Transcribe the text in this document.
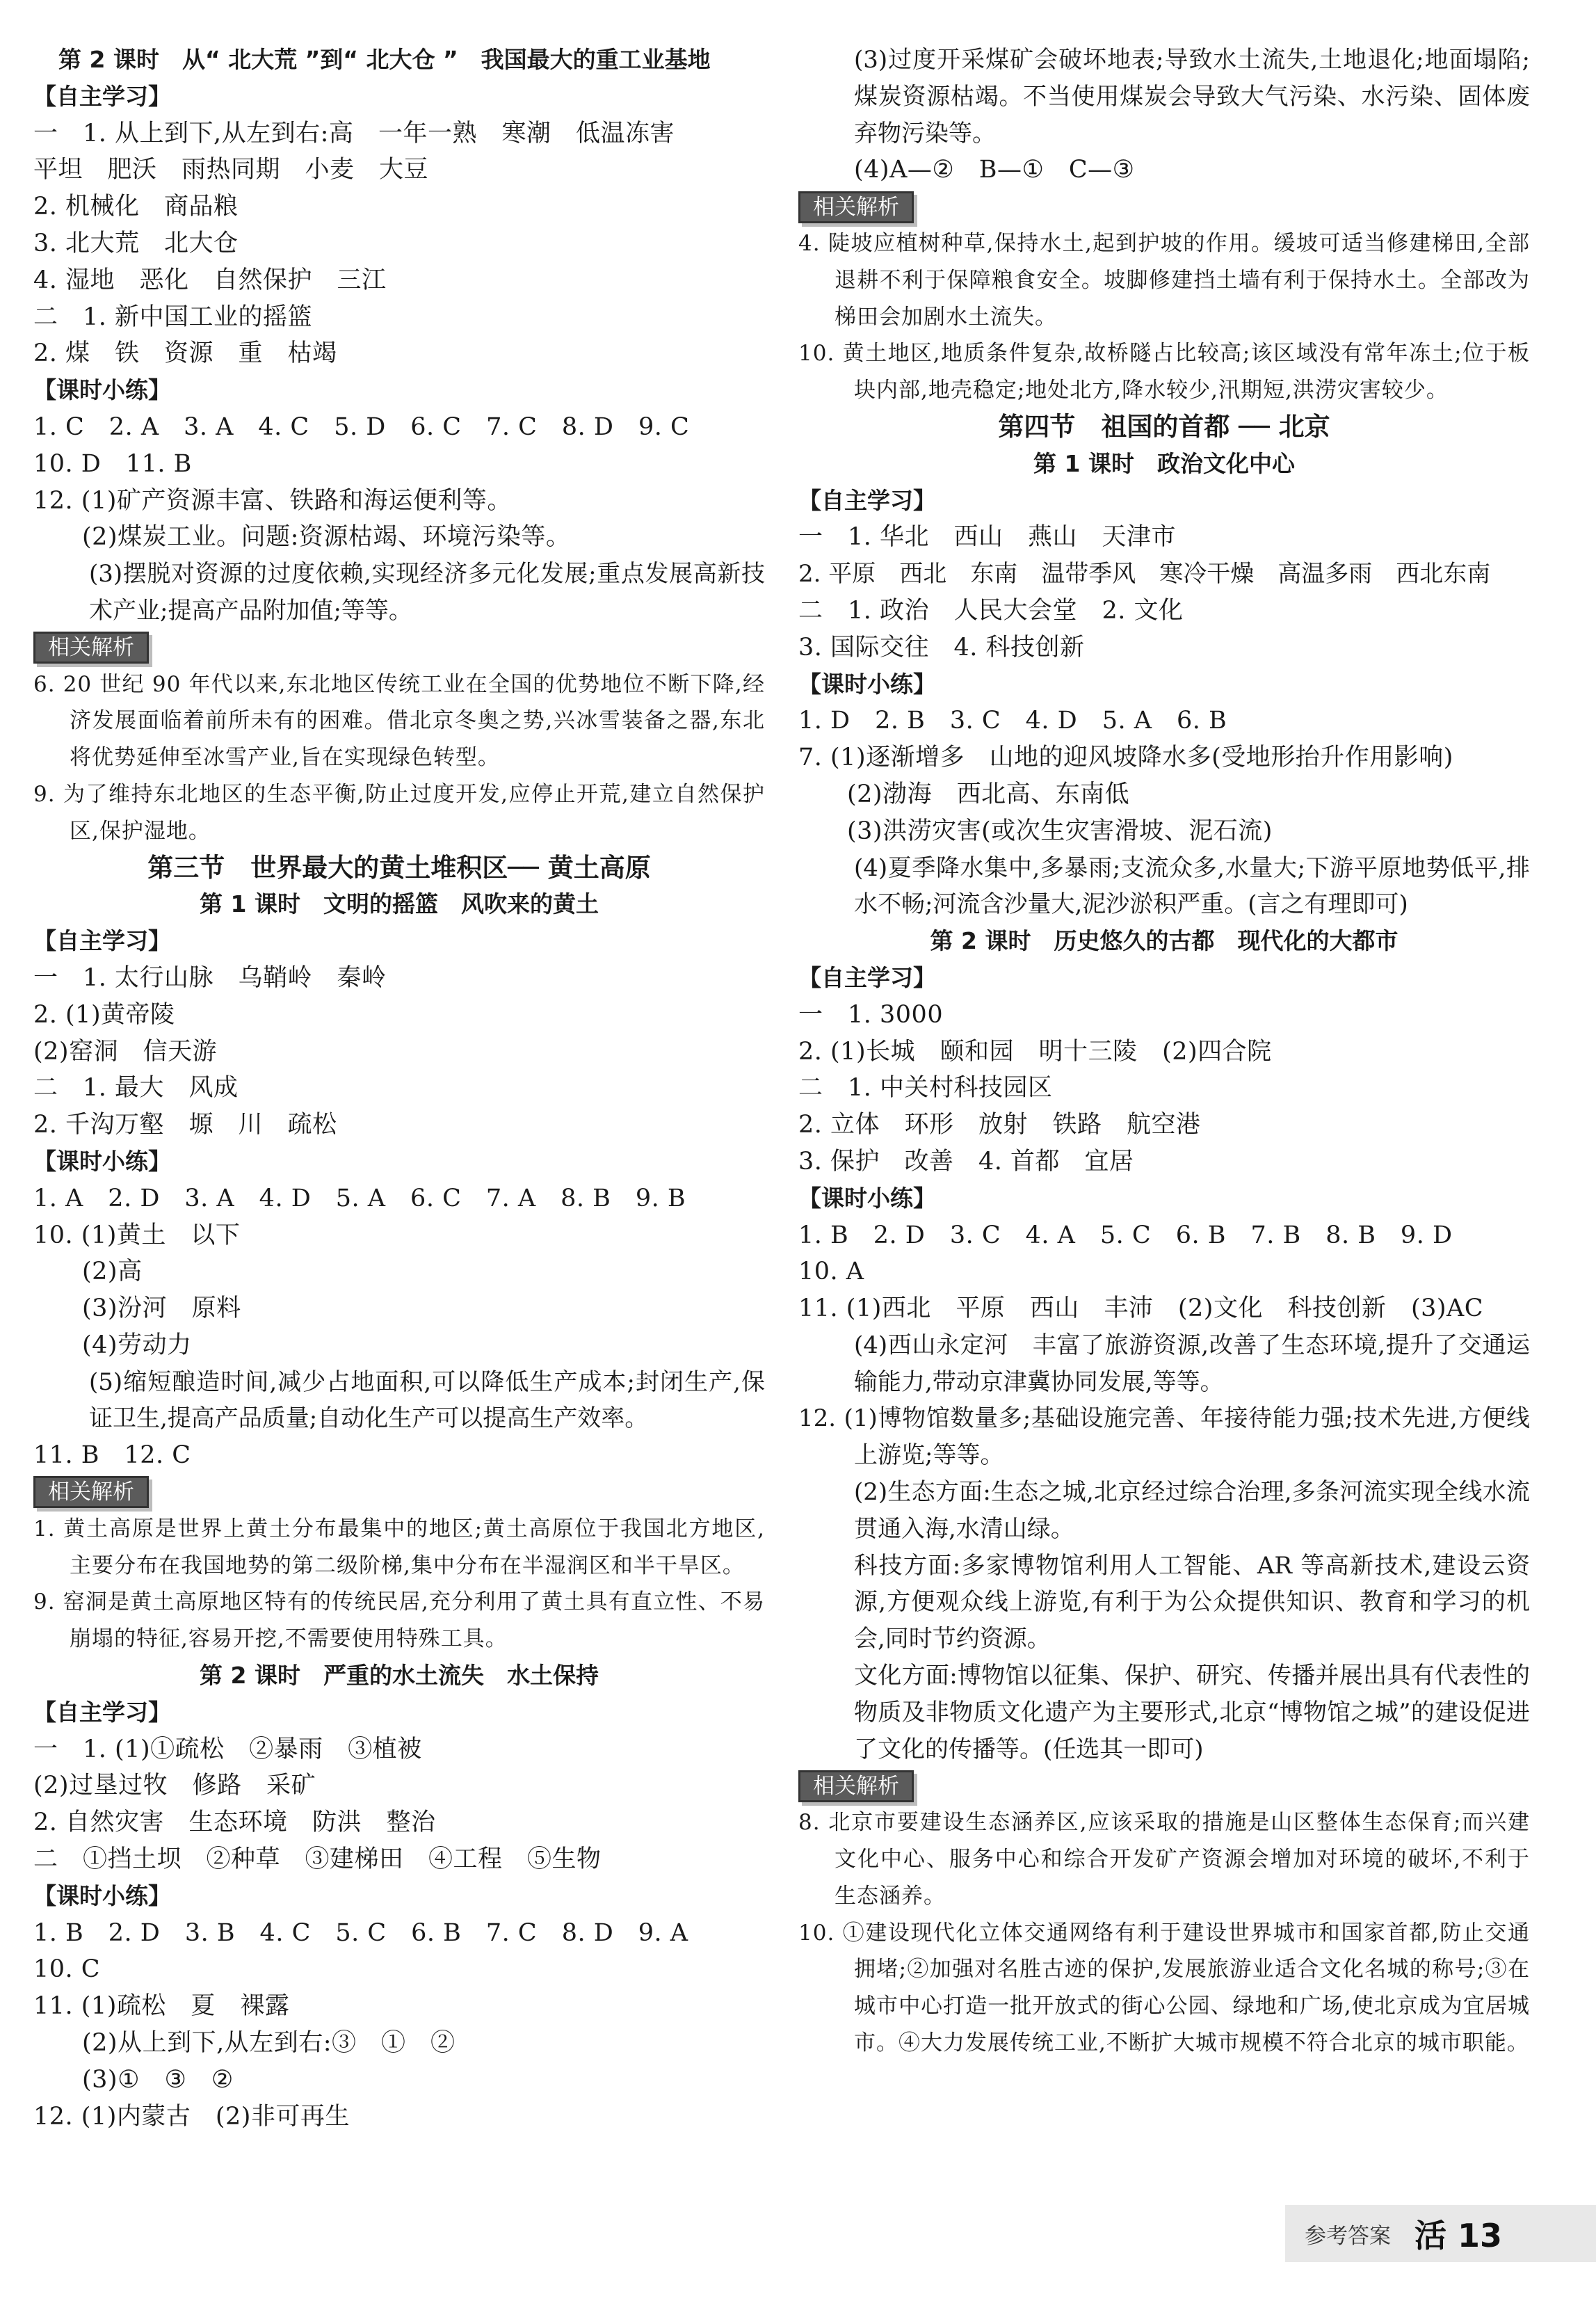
第 2 课时　从“ 北大荒 ”到“ 北大仓 ”　我国最大的重工业基地

【自主学习】

一　1. 从上到下,从左到右:高　一年一熟　寒潮　低温冻害

平坦　肥沃　雨热同期　小麦　大豆

2. 机械化　商品粮

3. 北大荒　北大仓

4. 湿地　恶化　自然保护　三江

二　1. 新中国工业的摇篮

2. 煤　铁　资源　重　枯竭

【课时小练】

1. C　2. A　3. A　4. C　5. D　6. C　7. C　8. D　9. C

10. D　11. B

12. (1)矿产资源丰富、铁路和海运便利等。

(2)煤炭工业。问题:资源枯竭、环境污染等。

(3)摆脱对资源的过度依赖,实现经济多元化发展;重点发展高新技术产业;提高产品附加值;等等。

相关解析

6. 20 世纪 90 年代以来,东北地区传统工业在全国的优势地位不断下降,经济发展面临着前所未有的困难。借北京冬奥之势,兴冰雪装备之器,东北将优势延伸至冰雪产业,旨在实现绿色转型。

9. 为了维持东北地区的生态平衡,防止过度开发,应停止开荒,建立自然保护区,保护湿地。

第三节　世界最大的黄土堆积区── 黄土高原

第 1 课时　文明的摇篮　风吹来的黄土

【自主学习】

一　1. 太行山脉　乌鞘岭　秦岭

2. (1)黄帝陵

(2)窑洞　信天游

二　1. 最大　风成

2. 千沟万壑　塬　川　疏松

【课时小练】

1. A　2. D　3. A　4. D　5. A　6. C　7. A　8. B　9. B

10. (1)黄土　以下

(2)高

(3)汾河　原料

(4)劳动力

(5)缩短酿造时间,减少占地面积,可以降低生产成本;封闭生产,保证卫生,提高产品质量;自动化生产可以提高生产效率。

11. B　12. C

相关解析

1. 黄土高原是世界上黄土分布最集中的地区;黄土高原位于我国北方地区,主要分布在我国地势的第二级阶梯,集中分布在半湿润区和半干旱区。

9. 窑洞是黄土高原地区特有的传统民居,充分利用了黄土具有直立性、不易崩塌的特征,容易开挖,不需要使用特殊工具。

第 2 课时　严重的水土流失　水土保持

【自主学习】

一　1. (1)①疏松　②暴雨　③植被

(2)过垦过牧　修路　采矿

2. 自然灾害　生态环境　防洪　整治

二　①挡土坝　②种草　③建梯田　④工程　⑤生物

【课时小练】

1. B　2. D　3. B　4. C　5. C　6. B　7. C　8. D　9. A

10. C

11. (1)疏松　夏　裸露

(2)从上到下,从左到右:③　①　②

(3)①　③　②

12. (1)内蒙古　(2)非可再生

(3)过度开采煤矿会破坏地表;导致水土流失,土地退化;地面塌陷;煤炭资源枯竭。不当使用煤炭会导致大气污染、水污染、固体废弃物污染等。

(4)A—②　B—①　C—③

相关解析

4. 陡坡应植树种草,保持水土,起到护坡的作用。缓坡可适当修建梯田,全部退耕不利于保障粮食安全。坡脚修建挡土墙有利于保持水土。全部改为梯田会加剧水土流失。

10. 黄土地区,地质条件复杂,故桥隧占比较高;该区域没有常年冻土;位于板块内部,地壳稳定;地处北方,降水较少,汛期短,洪涝灾害较少。

第四节　祖国的首都 ── 北京

第 1 课时　政治文化中心

【自主学习】

一　1. 华北　西山　燕山　天津市

2. 平原　西北　东南　温带季风　寒冷干燥　高温多雨　西北东南

二　1. 政治　人民大会堂　2. 文化

3. 国际交往　4. 科技创新

【课时小练】

1. D　2. B　3. C　4. D　5. A　6. B

7. (1)逐渐增多　山地的迎风坡降水多(受地形抬升作用影响)

(2)渤海　西北高、东南低

(3)洪涝灾害(或次生灾害滑坡、泥石流)

(4)夏季降水集中,多暴雨;支流众多,水量大;下游平原地势低平,排水不畅;河流含沙量大,泥沙淤积严重。(言之有理即可)

第 2 课时　历史悠久的古都　现代化的大都市

【自主学习】

一　1. 3000

2. (1)长城　颐和园　明十三陵　(2)四合院

二　1. 中关村科技园区

2. 立体　环形　放射　铁路　航空港

3. 保护　改善　4. 首都　宜居

【课时小练】

1. B　2. D　3. C　4. A　5. C　6. B　7. B　8. B　9. D

10. A

11. (1)西北　平原　西山　丰沛　(2)文化　科技创新　(3)AC

(4)西山永定河　丰富了旅游资源,改善了生态环境,提升了交通运输能力,带动京津冀协同发展,等等。

12. (1)博物馆数量多;基础设施完善、年接待能力强;技术先进,方便线上游览;等等。

(2)生态方面:生态之城,北京经过综合治理,多条河流实现全线水流贯通入海,水清山绿。

科技方面:多家博物馆利用人工智能、AR 等高新技术,建设云资源,方便观众线上游览,有利于为公众提供知识、教育和学习的机会,同时节约资源。

文化方面:博物馆以征集、保护、研究、传播并展出具有代表性的物质及非物质文化遗产为主要形式,北京“博物馆之城”的建设促进了文化的传播等。(任选其一即可)

相关解析

8. 北京市要建设生态涵养区,应该采取的措施是山区整体生态保育;而兴建文化中心、服务中心和综合开发矿产资源会增加对环境的破坏,不利于生态涵养。

10. ①建设现代化立体交通网络有利于建设世界城市和国家首都,防止交通拥堵;②加强对名胜古迹的保护,发展旅游业适合文化名城的称号;③在城市中心打造一批开放式的街心公园、绿地和广场,使北京成为宜居城市。④大力发展传统工业,不断扩大城市规模不符合北京的城市职能。

参考答案 活 13
